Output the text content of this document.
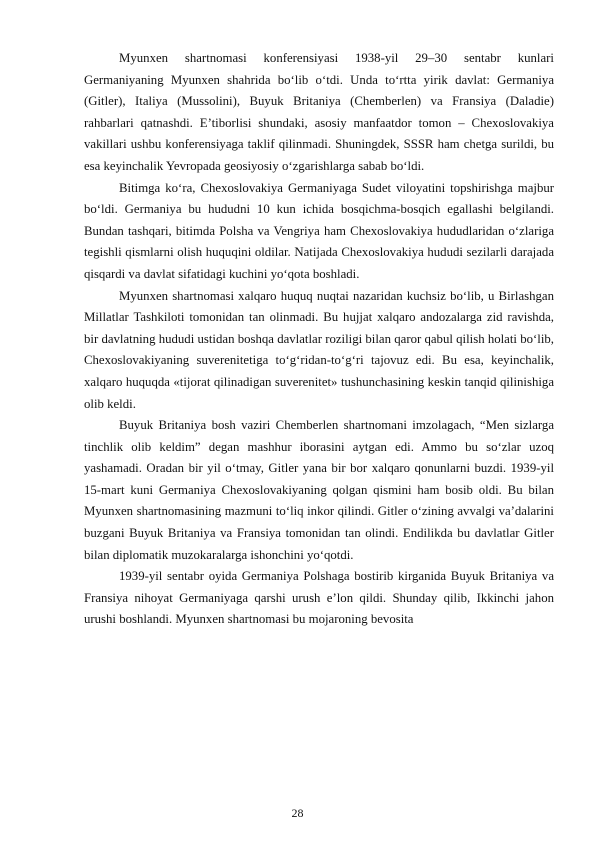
Myunxen shartnomasi konferensiyasi 1938-yil 29–30 sentabr kunlari Germaniyaning Myunxen shahrida bo‘lib o‘tdi. Unda to‘rtta yirik davlat: Germaniya (Gitler), Italiya (Mussolini), Buyuk Britaniya (Chemberlen) va Fransiya (Daladie) rahbarlari qatnashdi. E’tiborlisi shundaki, asosiy manfaatdor tomon – Chexoslovakiya vakillari ushbu konferensiyaga taklif qilinmadi. Shuningdek, SSSR ham chetga surildi, bu esa keyinchalik Yevropada geosiyosiy o‘zgarishlarga sabab bo‘ldi.

Bitimga ko‘ra, Chexoslovakiya Germaniyaga Sudet viloyatini topshirishga majbur bo‘ldi. Germaniya bu hududni 10 kun ichida bosqichma-bosqich egallashi belgilandi. Bundan tashqari, bitimda Polsha va Vengriya ham Chexoslovakiya hududlaridan o‘zlariga tegishli qismlarni olish huquqini oldilar. Natijada Chexoslovakiya hududi sezilarli darajada qisqardi va davlat sifatidagi kuchini yo‘qota boshladi.

Myunxen shartnomasi xalqaro huquq nuqtai nazaridan kuchsiz bo‘lib, u Birlashgan Millatlar Tashkiloti tomonidan tan olinmadi. Bu hujjat xalqaro andozalarga zid ravishda, bir davlatning hududi ustidan boshqa davlatlar roziligi bilan qaror qabul qilish holati bo‘lib, Chexoslovakiyaning suverenitetiga to‘g‘ridan-to‘g‘ri tajovuz edi. Bu esa, keyinchalik, xalqaro huquqda «tijorat qilinadigan suverenitet» tushunchasining keskin tanqid qilinishiga olib keldi.

Buyuk Britaniya bosh vaziri Chemberlen shartnomani imzolagach, “Men sizlarga tinchlik olib keldim” degan mashhur iborasini aytgan edi. Ammo bu so‘zlar uzoq yashamadi. Oradan bir yil o‘tmay, Gitler yana bir bor xalqaro qonunlarni buzdi. 1939-yil 15-mart kuni Germaniya Chexoslovakiyaning qolgan qismini ham bosib oldi. Bu bilan Myunxen shartnomasining mazmuni to‘liq inkor qilindi. Gitler o‘zining avvalgi va’dalarini buzgani Buyuk Britaniya va Fransiya tomonidan tan olindi. Endilikda bu davlatlar Gitler bilan diplomatik muzokaralarga ishonchini yo‘qotdi.

1939-yil sentabr oyida Germaniya Polshaga bostirib kirganida Buyuk Britaniya va Fransiya nihoyat Germaniyaga qarshi urush e’lon qildi. Shunday qilib, Ikkinchi jahon urushi boshlandi. Myunxen shartnomasi bu mojaroning bevosita

28
